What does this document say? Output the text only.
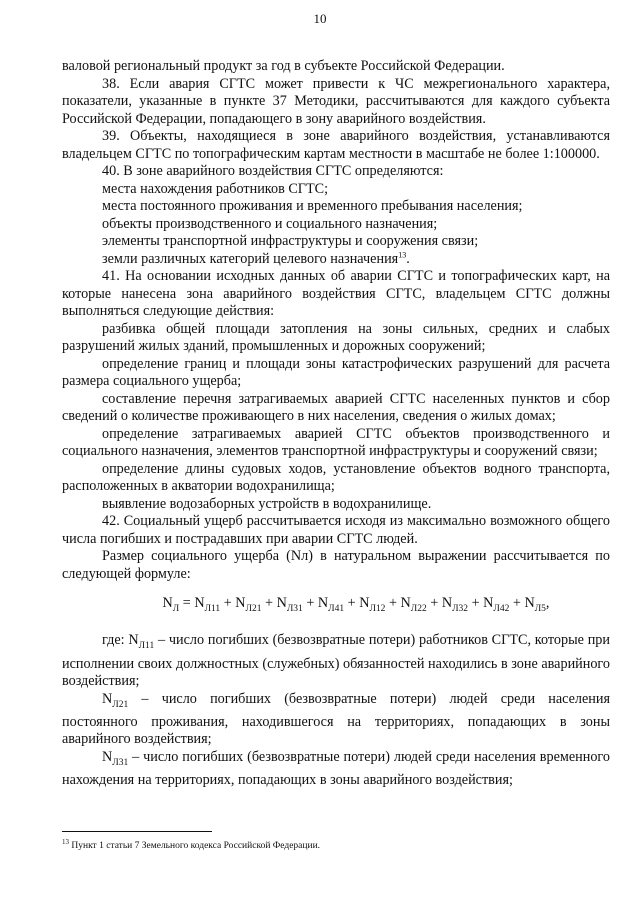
10

валовой региональный продукт за год в субъекте Российской Федерации.

38. Если авария СГТС может привести к ЧС межрегионального характера, показатели, указанные в пункте 37 Методики, рассчитываются для каждого субъекта Российской Федерации, попадающего в зону аварийного воздействия.

39. Объекты, находящиеся в зоне аварийного воздействия, устанавливаются владельцем СГТС по топографическим картам местности в масштабе не более 1:100000.

40. В зоне аварийного воздействия СГТС определяются:

места нахождения работников СГТС;

места постоянного проживания и временного пребывания населения;

объекты производственного и социального назначения;

элементы транспортной инфраструктуры и сооружения связи;

земли различных категорий целевого назначения$^{13}$.

41. На основании исходных данных об аварии СГТС и топографических карт, на которые нанесена зона аварийного воздействия СГТС, владельцем СГТС должны выполняться следующие действия:

разбивка общей площади затопления на зоны сильных, средних и слабых разрушений жилых зданий, промышленных и дорожных сооружений;

определение границ и площади зоны катастрофических разрушений для расчета размера социального ущерба;

составление перечня затрагиваемых аварией СГТС населенных пунктов и сбор сведений о количестве проживающего в них населения, сведения о жилых домах;

определение затрагиваемых аварией СГТС объектов производственного и социального назначения, элементов транспортной инфраструктуры и сооружений связи;

определение длины судовых ходов, установление объектов водного транспорта, расположенных в акватории водохранилища;

выявление водозаборных устройств в водохранилище.

42. Социальный ущерб рассчитывается исходя из максимально возможного общего числа погибших и пострадавших при аварии СГТС людей.

Размер социального ущерба (Nл) в натуральном выражении рассчитывается по следующей формуле:

$N_Л = N_{Л11} + N_{Л21} + N_{Л31} + N_{Л41} + N_{Л12} + N_{Л22} + N_{Л32} + N_{Л42} + N_{Л5}$,

где: $N_{Л11}$ – число погибших (безвозвратные потери) работников СГТС, которые при исполнении своих должностных (служебных) обязанностей находились в зоне аварийного воздействия;

$N_{Л21}$ – число погибших (безвозвратные потери) людей среди населения постоянного проживания, находившегося на территориях, попадающих в зоны аварийного воздействия;

$N_{Л31}$ – число погибших (безвозвратные потери) людей среди населения временного нахождения на территориях, попадающих в зоны аварийного воздействия;

$^{13}$ Пункт 1 статьи 7 Земельного кодекса Российской Федерации.
